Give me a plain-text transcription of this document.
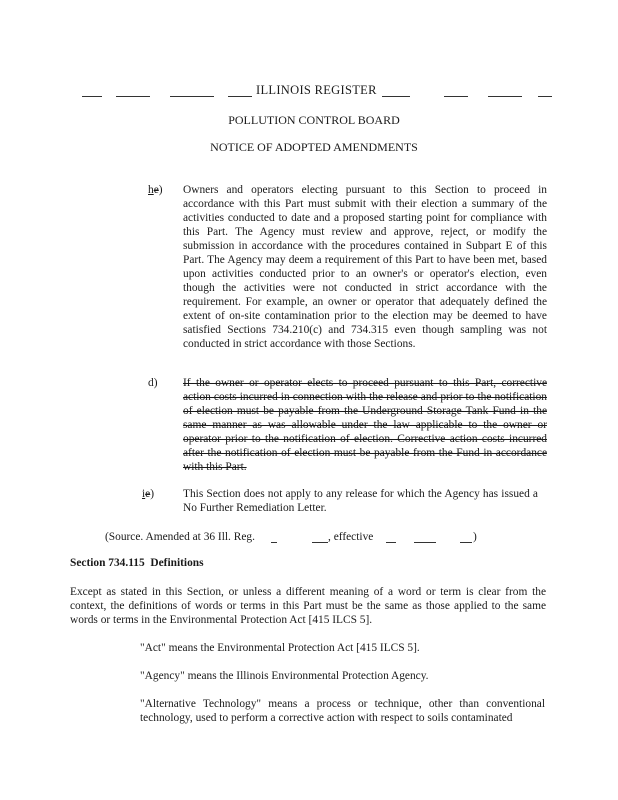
ILLINOIS REGISTER
POLLUTION CONTROL BOARD
NOTICE OF ADOPTED AMENDMENTS
he) Owners and operators electing pursuant to this Section to proceed in accordance with this Part must submit with their election a summary of the activities conducted to date and a proposed starting point for compliance with this Part. The Agency must review and approve, reject, or modify the submission in accordance with the procedures contained in Subpart E of this Part. The Agency may deem a requirement of this Part to have been met, based upon activities conducted prior to an owner's or operator's election, even though the activities were not conducted in strict accordance with the requirement. For example, an owner or operator that adequately defined the extent of on-site contamination prior to the election may be deemed to have satisfied Sections 734.210(c) and 734.315 even though sampling was not conducted in strict accordance with those Sections.

d) If the owner or operator elects to proceed pursuant to this Part, corrective action costs incurred in connection with the release and prior to the notification of election must be payable from the Underground Storage Tank Fund in the same manner as was allowable under the law applicable to the owner or operator prior to the notification of election. Corrective action costs incurred after the notification of election must be payable from the Fund in accordance with this Part.

ie)	This Section does not apply to any release for which the Agency has issued a No Further Remediation Letter.

(Source. Amended at 36 Ill. Reg.	, effective	)
Section 734.115 Definitions

Except as stated in this Section, or unless a different meaning of a word or term is clear from the context, the definitions of words or terms in this Part must be the same as those applied to the same words or terms in the Environmental Protection Act [415 ILCS 5].

"Act" means the Environmental Protection Act [415 ILCS 5].

"Agency" means the Illinois Environmental Protection Agency.

"Alternative Technology" means a process or technique, other than conventional technology, used to perform a corrective action with respect to soils contaminated
